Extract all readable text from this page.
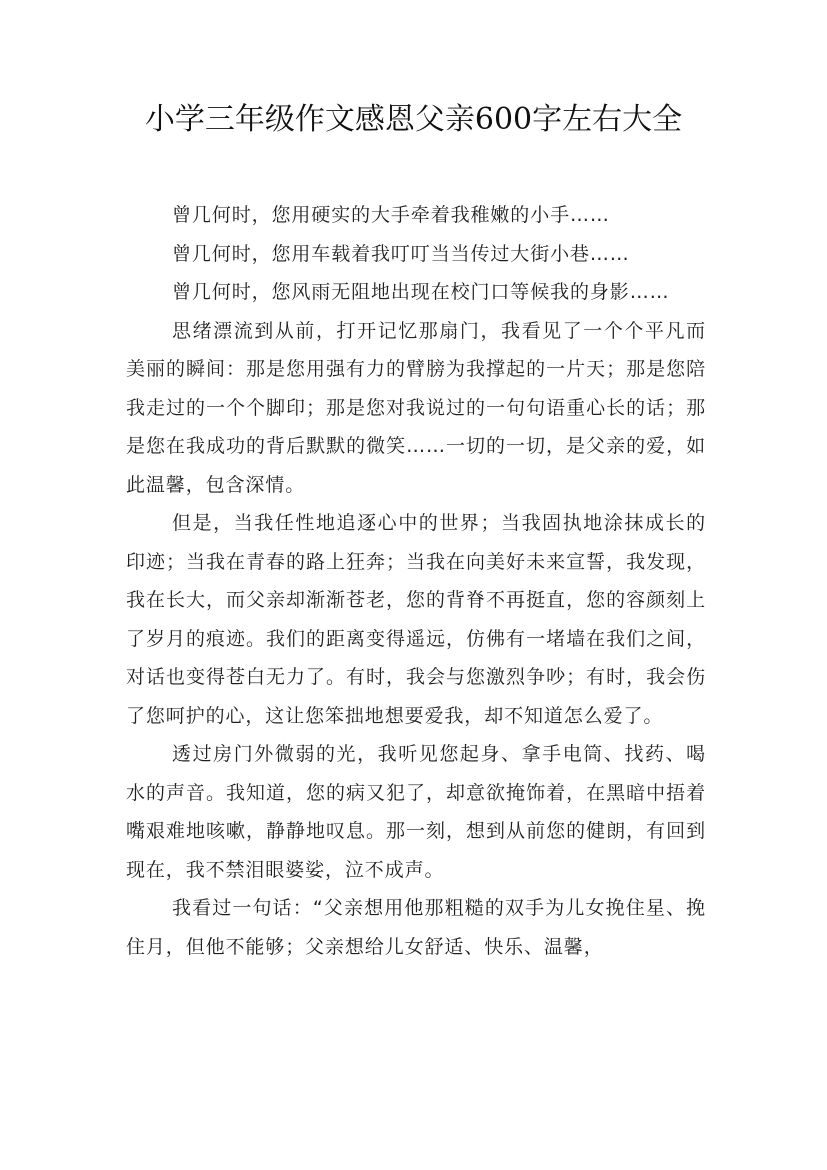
小学三年级作文感恩父亲600字左右大全

曾几何时，您用硬实的大手牵着我稚嫩的小手……

曾几何时，您用车载着我叮叮当当传过大街小巷……

曾几何时，您风雨无阻地出现在校门口等候我的身影……

思绪漂流到从前，打开记忆那扇门，我看见了一个个平凡而美丽的瞬间：那是您用强有力的臂膀为我撑起的一片天；那是您陪我走过的一个个脚印；那是您对我说过的一句句语重心长的话；那是您在我成功的背后默默的微笑……一切的一切，是父亲的爱，如此温馨，包含深情。

但是，当我任性地追逐心中的世界；当我固执地涂抹成长的印迹；当我在青春的路上狂奔；当我在向美好未来宣誓，我发现，我在长大，而父亲却渐渐苍老，您的背脊不再挺直，您的容颜刻上了岁月的痕迹。我们的距离变得遥远，仿佛有一堵墙在我们之间，对话也变得苍白无力了。有时，我会与您激烈争吵；有时，我会伤了您呵护的心，这让您笨拙地想要爱我，却不知道怎么爱了。

透过房门外微弱的光，我听见您起身、拿手电筒、找药、喝水的声音。我知道，您的病又犯了，却意欲掩饰着，在黑暗中捂着嘴艰难地咳嗽，静静地叹息。那一刻，想到从前您的健朗，有回到现在，我不禁泪眼婆娑，泣不成声。

我看过一句话：“父亲想用他那粗糙的双手为儿女挽住星、挽住月，但他不能够；父亲想给儿女舒适、快乐、温馨，
